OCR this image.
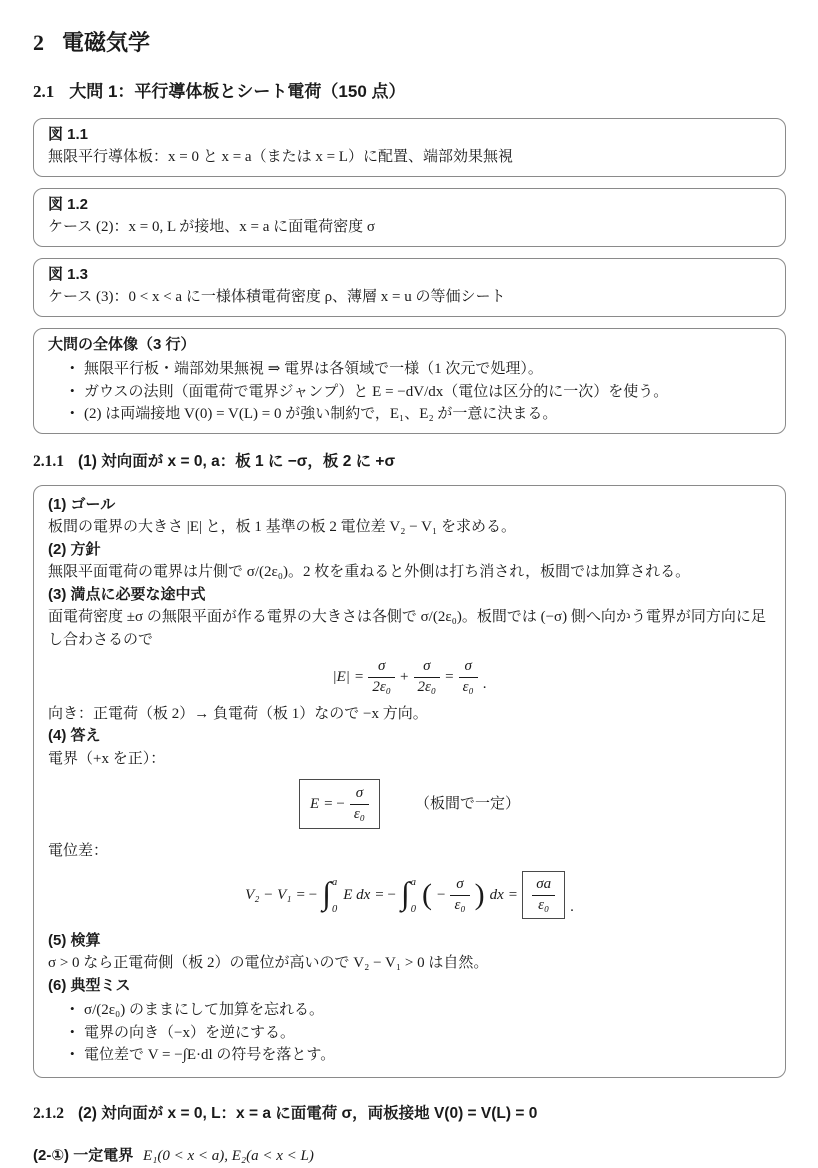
2 電磁気学
2.1 大問 1：平行導体板とシート電荷（150 点）
図 1.1
無限平行導体板：x = 0 と x = a（または x = L）に配置、端部効果無視
図 1.2
ケース (2)：x = 0, L が接地、x = a に面電荷密度 σ
図 1.3
ケース (3)：0 < x < a に一様体積電荷密度 ρ、薄層 x = u の等価シート
大問の全体像（3 行）
• 無限平行板・端部効果無視 ⇒ 電界は各領域で一様（1 次元で処理）。
• ガウスの法則（面電荷で電界ジャンプ）と E = −dV/dx（電位は区分的に一次）を使う。
• (2) は両端接地 V(0) = V(L) = 0 が強い制約で，E₁、E₂ が一意に決まる。
2.1.1 (1) 対向面が x = 0, a：板 1 に −σ，板 2 に +σ
(1) ゴール
板間の電界の大きさ |E| と，板 1 基準の板 2 電位差 V₂ − V₁ を求める。
(2) 方針
無限平面電荷の電界は片側で σ/(2ε₀)。2 枚を重ねると外側は打ち消され，板間では加算される。
(3) 満点に必要な途中式
面電荷密度 ±σ の無限平面が作る電界の大きさは各側で σ/(2ε₀)。板間では (−σ) 側へ向かう電界が同方向に足し合わさるので
$|E| = \frac{\sigma}{\text{2ε₀}} + \frac{\sigma}{\text{2ε₀}} = \frac{\sigma}{\text{ε₀}}$ .
向き：正電荷（板 2）→ 負電荷（板 1）なので −x 方向。
(4) 答え
電界（+x を正）：
E = − $\frac{\sigma}{\text{ε₀}}$	（板間で一定）
電位差：
V₂ − V₁ = − ∫ a
0
E dx = − ∫ a
0 ( − $\frac{\sigma}{\text{ε₀}}$ ) dx = $\frac{\sigma a}{\text{ε₀}}$ .
(5) 検算
σ > 0 なら正電荷側（板 2）の電位が高いので V₂ − V₁ > 0 は自然。
(6) 典型ミス
• σ/(2ε₀) のままにして加算を忘れる。
• 電界の向き（−x）を逆にする。
• 電位差で V = −∫E·dl の符号を落とす。
2.1.2 (2) 対向面が x = 0, L：x = a に面電荷 σ，両板接地 V(0) = V(L) = 0
(2-①) 一定電界 E₁(0 < x < a), E₂(a < x < L)
